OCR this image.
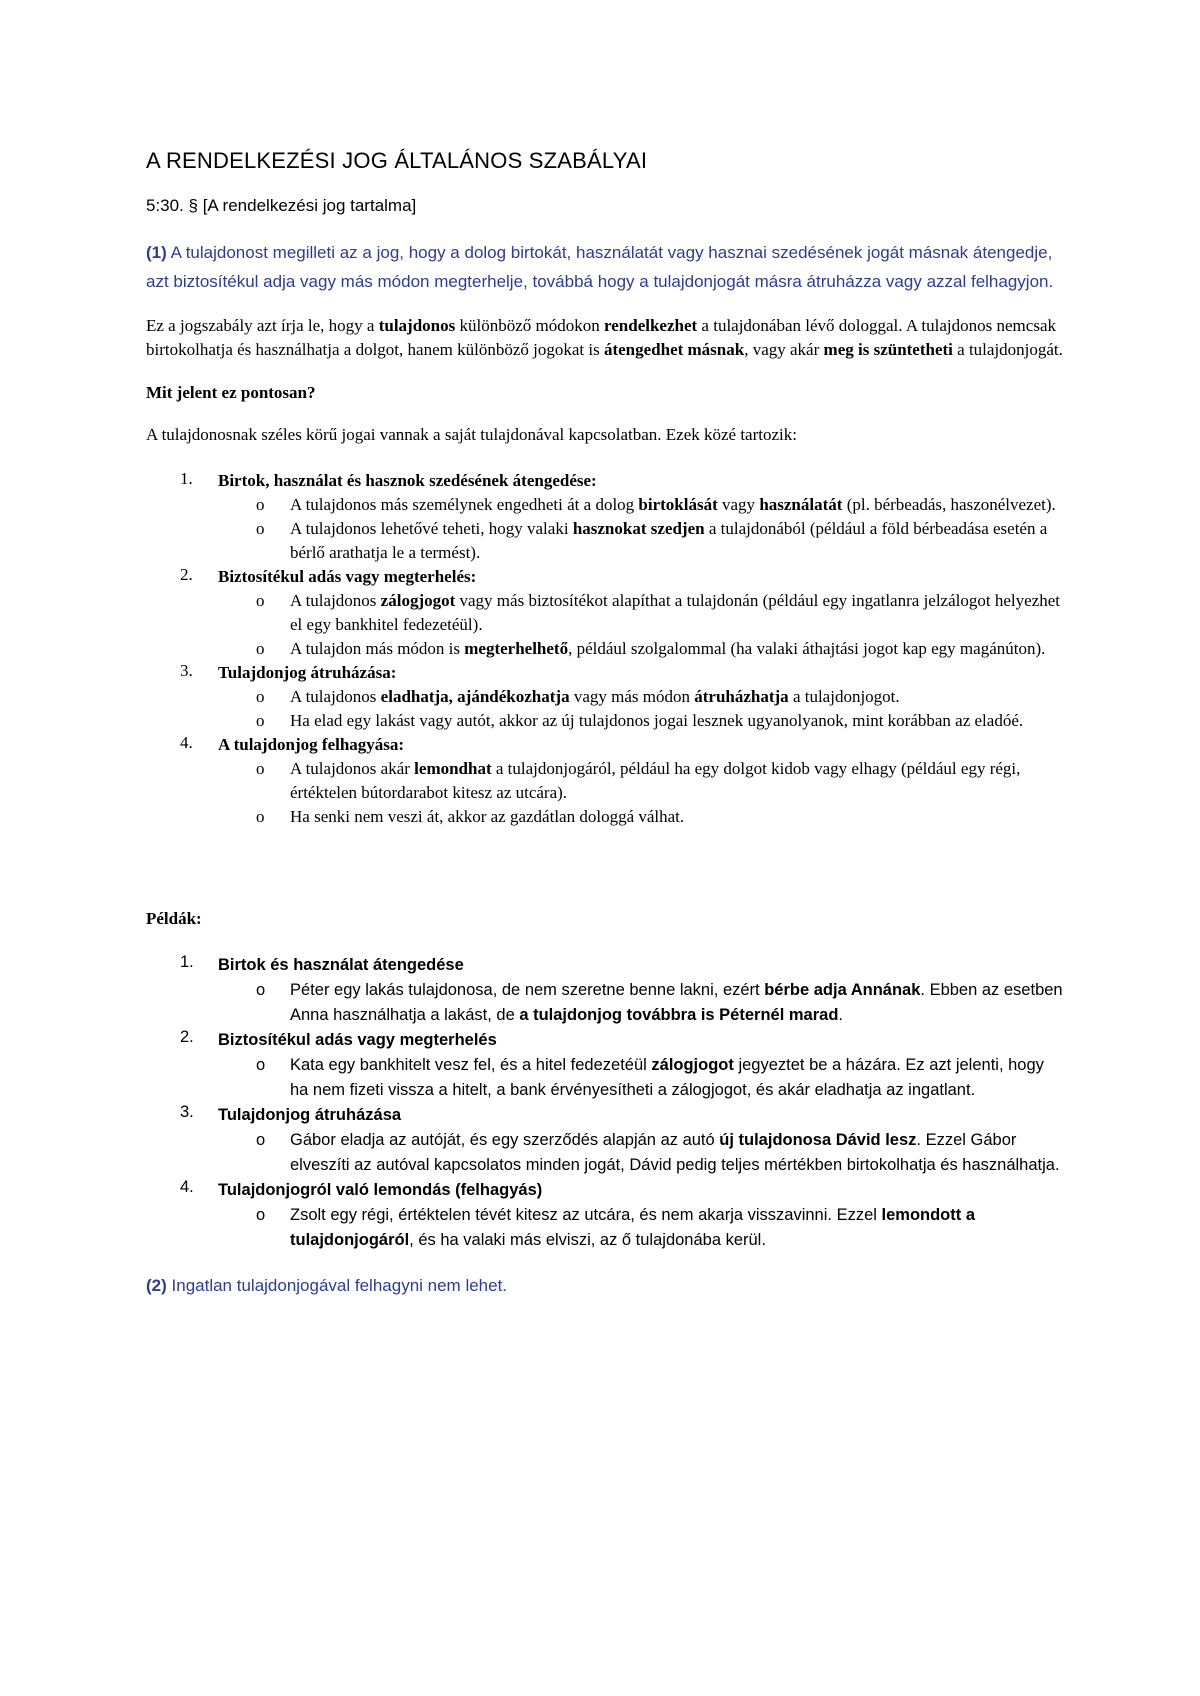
A RENDELKEZÉSI JOG ÁLTALÁNOS SZABÁLYAI
5:30. § [A rendelkezési jog tartalma]

(1) A tulajdonost megilleti az a jog, hogy a dolog birtokát, használatát vagy hasznai szedésének jogát másnak átengedje, azt biztosítékul adja vagy más módon megterhelje, továbbá hogy a tulajdonjogát másra átruházza vagy azzal felhagyjon.

Ez a jogszabály azt írja le, hogy a tulajdonos különböző módokon rendelkezhet a tulajdonában lévő dologgal. A tulajdonos nemcsak birtokolhatja és használhatja a dolgot, hanem különböző jogokat is átengedhet másnak, vagy akár meg is szüntetheti a tulajdonjogát.

Mit jelent ez pontosan?

A tulajdonosnak széles körű jogai vannak a saját tulajdonával kapcsolatban. Ezek közé tartozik:

1. Birtok, használat és hasznok szedésének átengedése:
o A tulajdonos más személynek engedheti át a dolog birtoklását vagy használatát (pl. bérbeadás, haszonélvezet).
o A tulajdonos lehetővé teheti, hogy valaki hasznokat szedjen a tulajdonából (például a föld bérbeadása esetén a bérlő arathatja le a termést).
2. Biztosítékul adás vagy megterhelés:
o A tulajdonos zálogjogot vagy más biztosítékot alapíthat a tulajdonán (például egy ingatlanra jelzálogot helyezhet el egy bankhitel fedezetéül).
o A tulajdon más módon is megterhelhető, például szolgalommal (ha valaki áthajtási jogot kap egy magánúton).
3. Tulajdonjog átruházása:
o A tulajdonos eladhatja, ajándékozhatja vagy más módon átruházhatja a tulajdonjogot.
o Ha elad egy lakást vagy autót, akkor az új tulajdonos jogai lesznek ugyanolyanok, mint korábban az eladóé.
4. A tulajdonjog felhagyása:
o A tulajdonos akár lemondhat a tulajdonjogáról, például ha egy dolgot kidob vagy elhagy (például egy régi, értéktelen bútordarabot kitesz az utcára).
o Ha senki nem veszi át, akkor az gazdátlan dologgá válhat.
Példák:
1. Birtok és használat átengedése
o Péter egy lakás tulajdonosa, de nem szeretne benne lakni, ezért bérbe adja Annának. Ebben az esetben Anna használhatja a lakást, de a tulajdonjog továbbra is Péternél marad.
2. Biztosítékul adás vagy megterhelés
o Kata egy bankhitelt vesz fel, és a hitel fedezetéül zálogjogot jegyeztet be a házára. Ez azt jelenti, hogy ha nem fizeti vissza a hitelt, a bank érvényesítheti a zálogjogot, és akár eladhatja az ingatlant.
3. Tulajdonjog átruházása
o Gábor eladja az autóját, és egy szerződés alapján az autó új tulajdonosa Dávid lesz. Ezzel Gábor elveszíti az autóval kapcsolatos minden jogát, Dávid pedig teljes mértékben birtokolhatja és használhatja.
4. Tulajdonjogról való lemondás (felhagyás)
o Zsolt egy régi, értéktelen tévét kitesz az utcára, és nem akarja visszavinni. Ezzel lemondott a tulajdonjogáról, és ha valaki más elviszi, az ő tulajdonába kerül.

(2) Ingatlan tulajdonjogával felhagyni nem lehet.
